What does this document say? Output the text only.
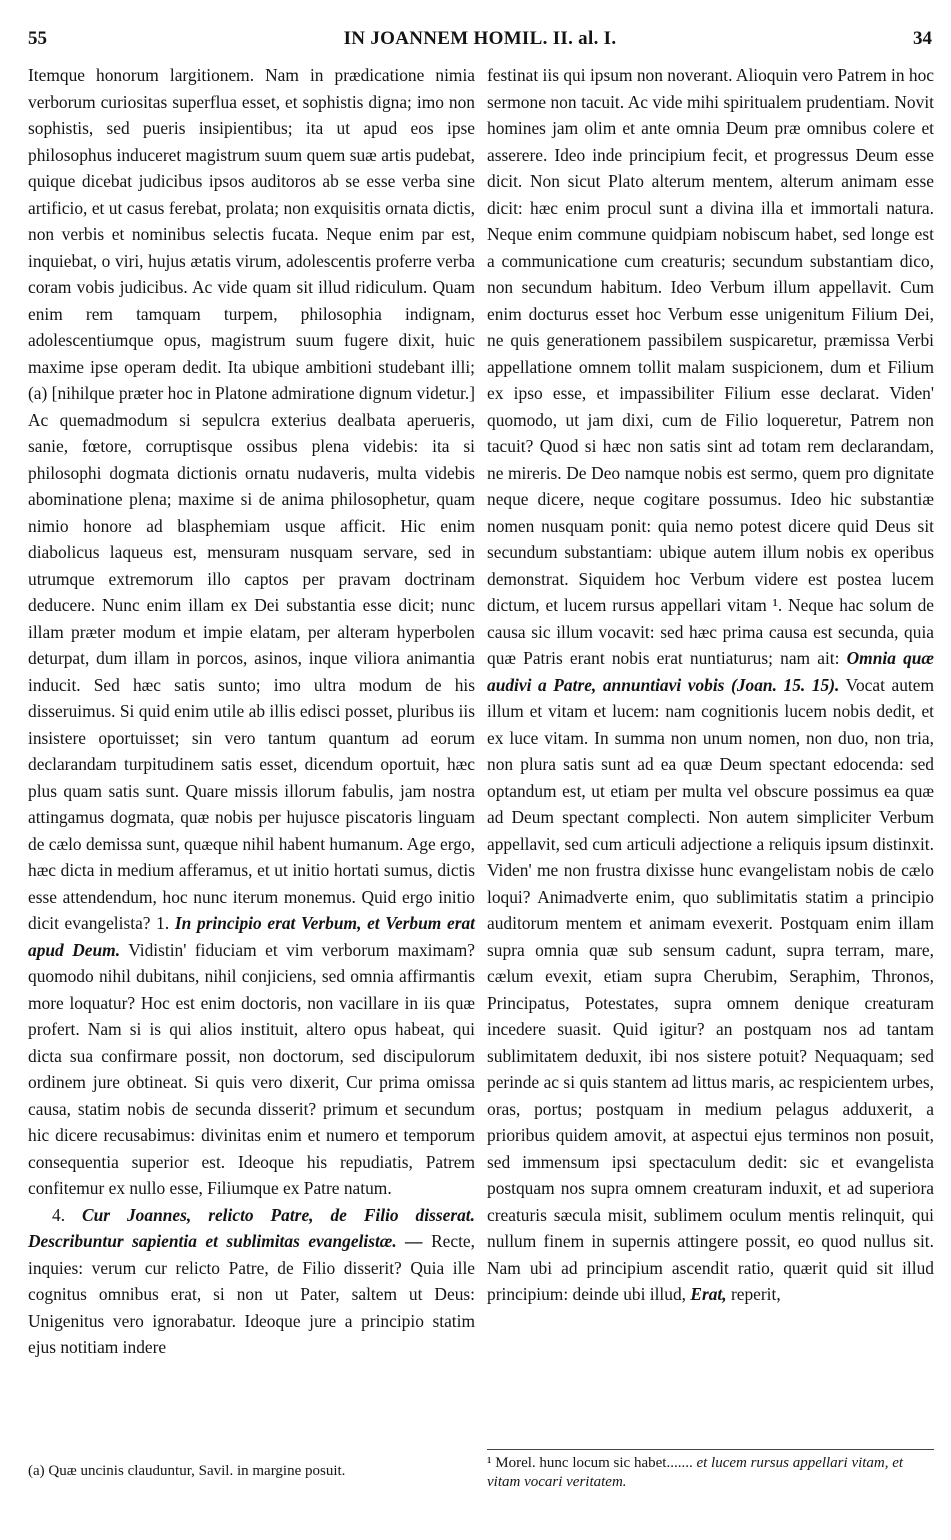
55	IN JOANNEM HOMIL. II. al. I.	34

Itemque honorum largitionem. Nam in prædicatione nimia verborum curiositas superflua esset, et sophistis digna; imo non sophistis, sed pueris insipientibus; ita ut apud eos ipse philosophus induceret magistrum suum quem suæ artis pudebat, quique dicebat judicibus ipsos auditoros ab se esse verba sine artificio, et ut casus ferebat, prolata; non exquisitis ornata dictis, non verbis et nominibus selectis fucata. Neque enim par est, inquiebat, o viri, hujus ætatis virum, adolescentis proferre verba coram vobis judicibus. Ac vide quam sit illud ridiculum. Quam enim rem tamquam turpem, philosophia indignam, adolescentiumque opus, magistrum suum fugere dixit, huic maxime ipse operam dedit. Ita ubique ambitioni studebant illi; (a) [nihilque præter hoc in Platone admiratione dignum videtur.] Ac quemadmodum si sepulcra exterius dealbata aperueris, sanie, fœtore, corruptisque ossibus plena videbis: ita si philosophi dogmata dictionis ornatu nudaveris, multa videbis abominatione plena; maxime si de anima philosophetur, quam nimio honore ad blasphemiam usque afficit. Hic enim diabolicus laqueus est, mensuram nusquam servare, sed in utrumque extremorum illo captos per pravam doctrinam deducere. Nunc enim illam ex Dei substantia esse dicit; nunc illam præter modum et impie elatam, per alteram hyperbolen deturpat, dum illam in porcos, asinos, inque viliora animantia inducit. Sed hæc satis sunto; imo ultra modum de his disseruimus. Si quid enim utile ab illis edisci posset, pluribus iis insistere oportuisset; sin vero tantum quantum ad eorum declarandam turpitudinem satis esset, dicendum oportuit, hæc plus quam satis sunt. Quare missis illorum fabulis, jam nostra attingamus dogmata, quæ nobis per hujusce piscatoris linguam de cælo demissa sunt, quæque nihil habent humanum. Age ergo, hæc dicta in medium afferamus, et ut initio hortati sumus, dictis esse attendendum, hoc nunc iterum monemus. Quid ergo initio dicit evangelista? 1. In principio erat Verbum, et Verbum erat apud Deum. Vidistin' fiduciam et vim verborum maximam? quomodo nihil dubitans, nihil conjiciens, sed omnia affirmantis more loquatur? Hoc est enim doctoris, non vacillare in iis quæ profert. Nam si is qui alios instituit, altero opus habeat, qui dicta sua confirmare possit, non doctorum, sed discipulorum ordinem jure obtineat. Si quis vero dixerit, Cur prima omissa causa, statim nobis de secunda disserit? primum et secundum hic dicere recusabimus: divinitas enim et numero et temporum consequentia superior est. Ideoque his repudiatis, Patrem confitemur ex nullo esse, Filiumque ex Patre natum.

4. Cur Joannes, relicto Patre, de Filio disserat. Describuntur sapientia et sublimitas evangelistæ. — Recte, inquies: verum cur relicto Patre, de Filio disserit? Quia ille cognitus omnibus erat, si non ut Pater, saltem ut Deus: Unigenitus vero ignorabatur. Ideoque jure a principio statim ejus notitiam indere

festinat iis qui ipsum non noverant. Alioquin vero Patrem in hoc sermone non tacuit. Ac vide mihi spiritualem prudentiam. Novit homines jam olim et ante omnia Deum præ omnibus colere et asserere. Ideo inde principium fecit, et progressus Deum esse dicit. Non sicut Plato alterum mentem, alterum animam esse dicit: hæc enim procul sunt a divina illa et immortali natura. Neque enim commune quidpiam nobiscum habet, sed longe est a communicatione cum creaturis; secundum substantiam dico, non secundum habitum. Ideo Verbum illum appellavit. Cum enim docturus esset hoc Verbum esse unigenitum Filium Dei, ne quis generationem passibilem suspicaretur, præmissa Verbi appellatione omnem tollit malam suspicionem, dum et Filium ex ipso esse, et impassibiliter Filium esse declarat. Viden' quomodo, ut jam dixi, cum de Filio loqueretur, Patrem non tacuit? Quod si hæc non satis sint ad totam rem declarandam, ne mireris. De Deo namque nobis est sermo, quem pro dignitate neque dicere, neque cogitare possumus. Ideo hic substantiæ nomen nusquam ponit: quia nemo potest dicere quid Deus sit secundum substantiam: ubique autem illum nobis ex operibus demonstrat. Siquidem hoc Verbum videre est postea lucem dictum, et lucem rursus appellari vitam ¹. Neque hac solum de causa sic illum vocavit: sed hæc prima causa est secunda, quia quæ Patris erant nobis erat nuntiaturus; nam ait: Omnia quæ audivi a Patre, annuntiavi vobis (Joan. 15. 15). Vocat autem illum et vitam et lucem: nam cognitionis lucem nobis dedit, et ex luce vitam. In summa non unum nomen, non duo, non tria, non plura satis sunt ad ea quæ Deum spectant edocenda: sed optandum est, ut etiam per multa vel obscure possimus ea quæ ad Deum spectant complecti. Non autem simpliciter Verbum appellavit, sed cum articuli adjectione a reliquis ipsum distinxit. Viden' me non frustra dixisse hunc evangelistam nobis de cælo loqui? Animadverte enim, quo sublimitatis statim a principio auditorum mentem et animam evexerit. Postquam enim illam supra omnia quæ sub sensum cadunt, supra terram, mare, cælum evexit, etiam supra Cherubim, Seraphim, Thronos, Principatus, Potestates, supra omnem denique creaturam incedere suasit. Quid igitur? an postquam nos ad tantam sublimitatem deduxit, ibi nos sistere potuit? Nequaquam; sed perinde ac si quis stantem ad littus maris, ac respicientem urbes, oras, portus; postquam in medium pelagus adduxerit, a prioribus quidem amovit, at aspectui ejus terminos non posuit, sed immensum ipsi spectaculum dedit: sic et evangelista postquam nos supra omnem creaturam induxit, et ad superiora creaturis sæcula misit, sublimem oculum mentis relinquit, qui nullum finem in supernis attingere possit, eo quod nullus sit. Nam ubi ad principium ascendit ratio, quærit quid sit illud principium: deinde ubi illud, Erat, reperit,

(a) Quæ uncinis clauduntur, Savil. in margine posuit.	¹ Morel. hunc locum sic habet....... et lucem rursus appellari vitam, et vitam vocari veritatem.
